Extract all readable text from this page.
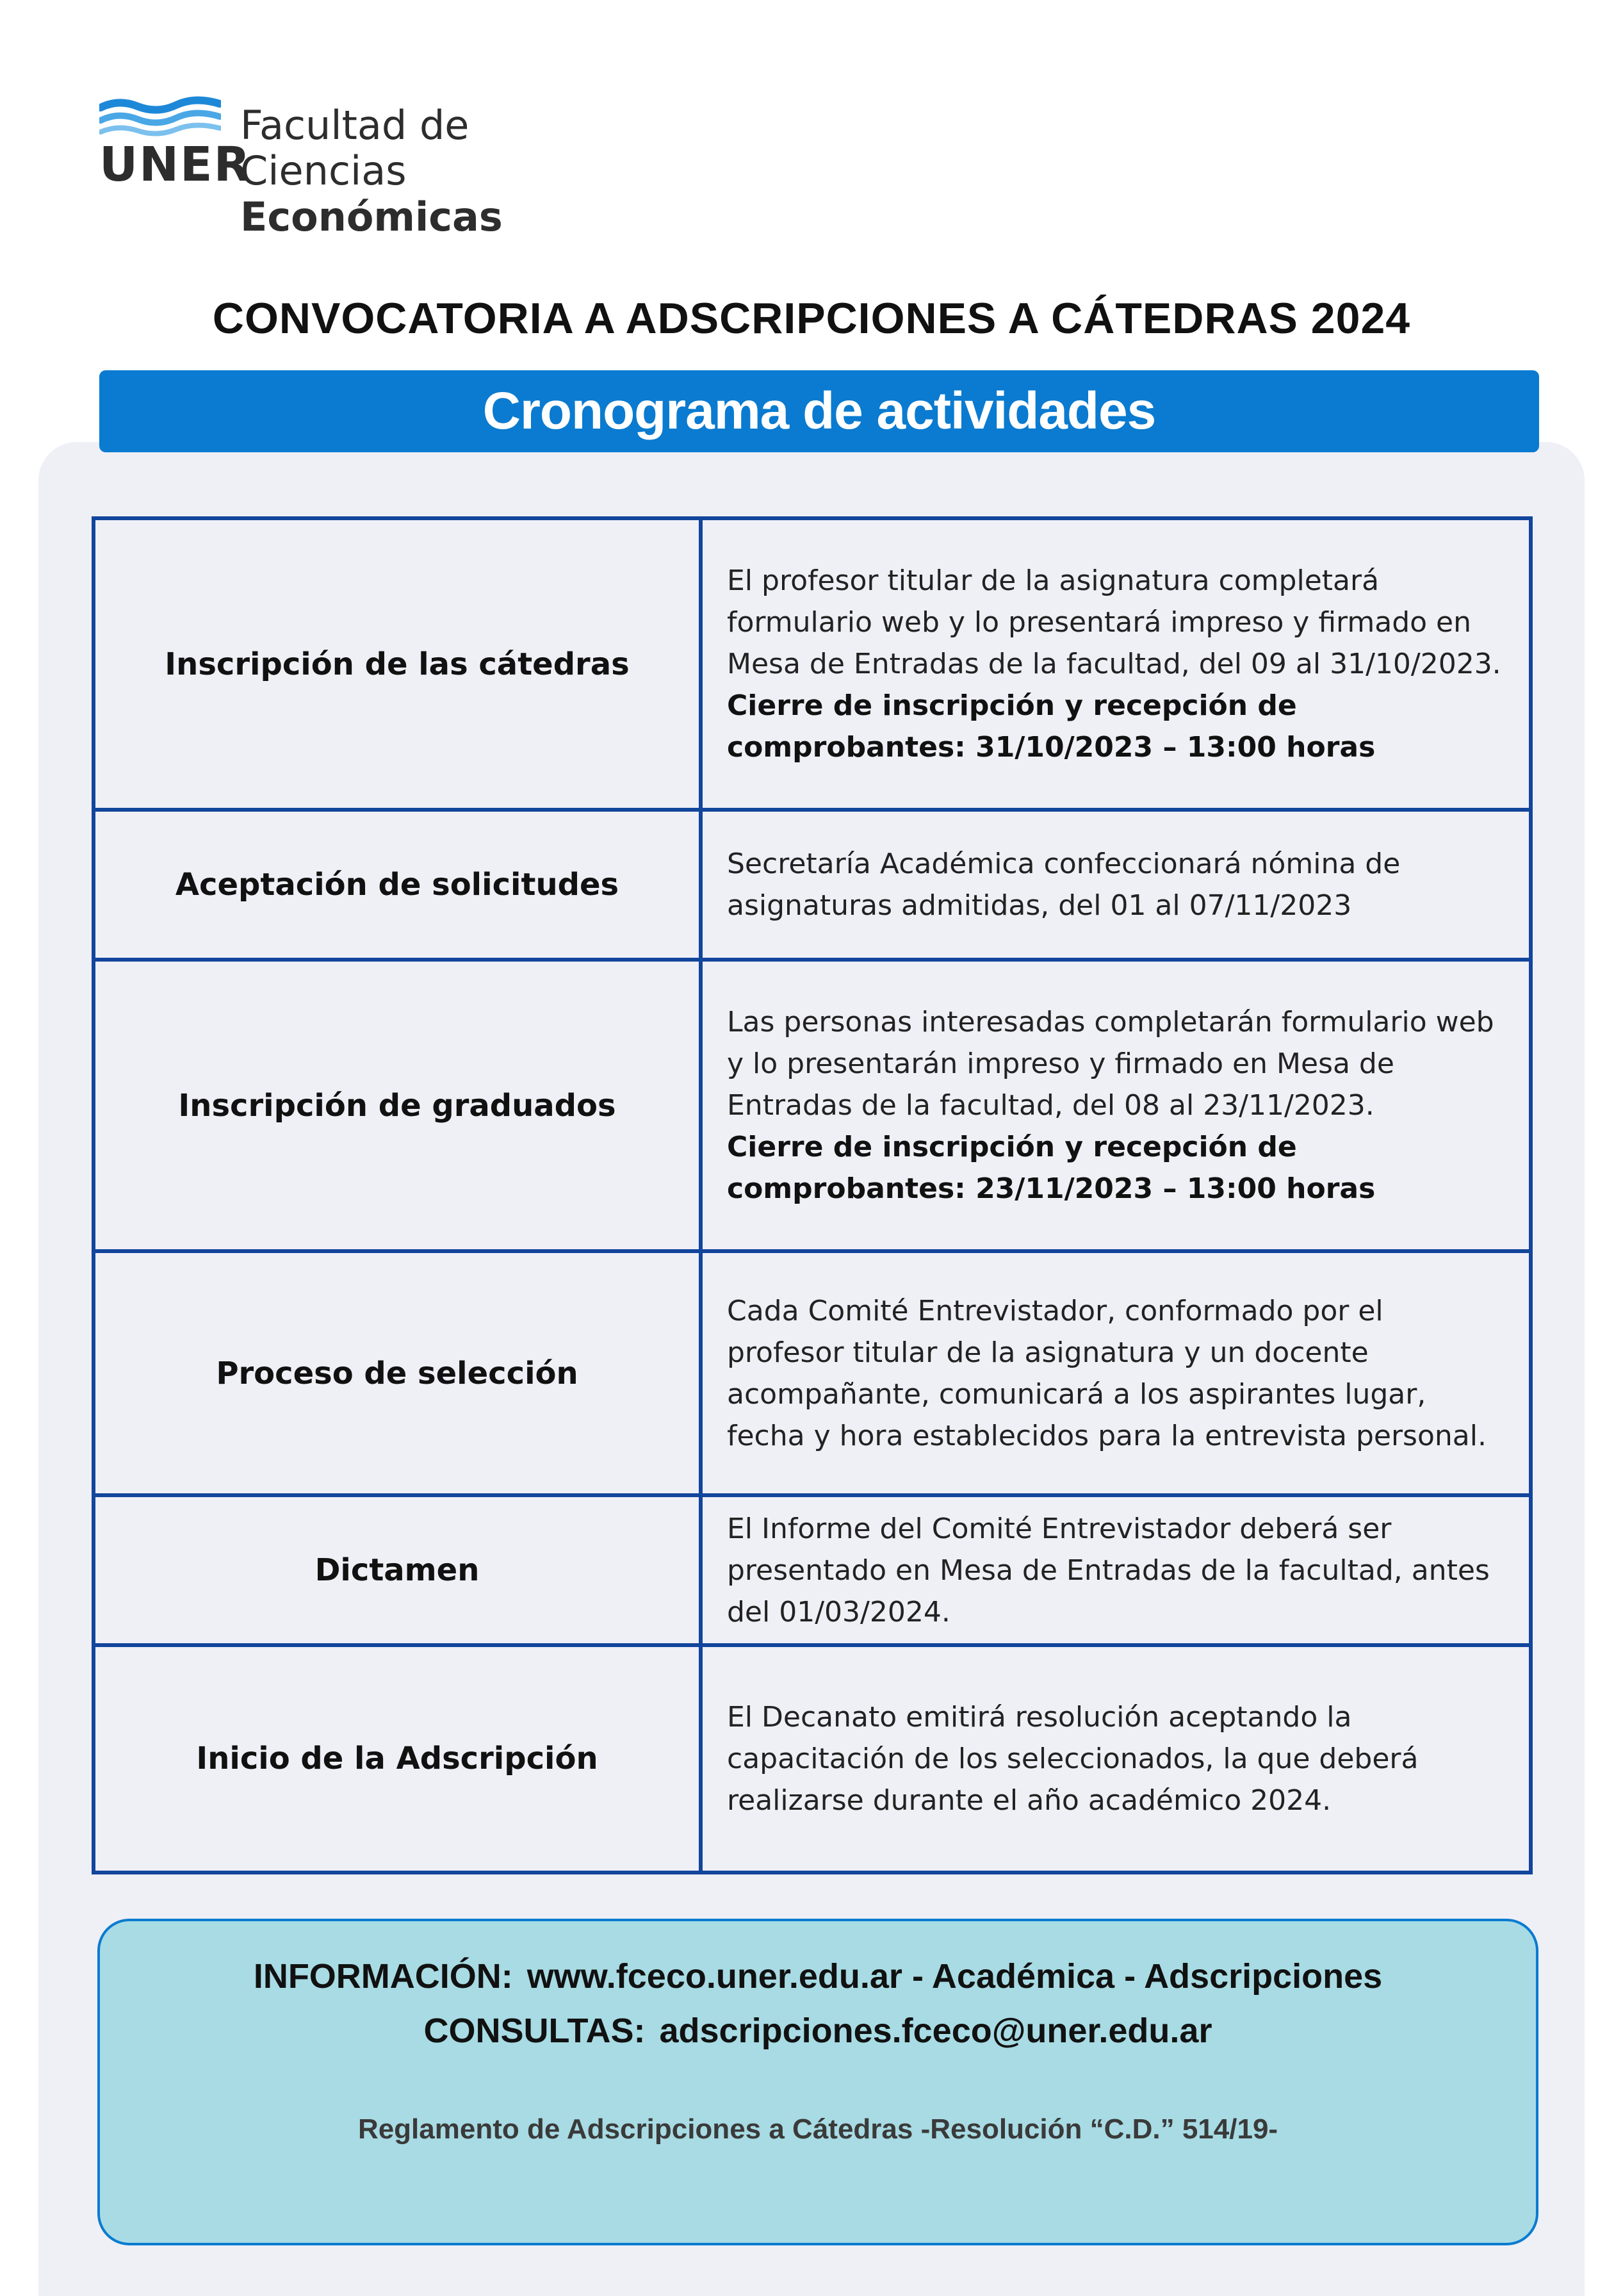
UNER
Facultad de Ciencias
Económicas
CONVOCATORIA A ADSCRIPCIONES A CÁTEDRAS 2024
Cronograma de actividades
Inscripción de las cátedras	El profesor titular de la asignatura completará formulario web y lo presentará impreso y firmado en Mesa de Entradas de la facultad, del 09 al 31/10/2023.
Cierre de inscripción y recepción de comprobantes: 31/10/2023 – 13:00 horas

Aceptación de solicitudes	Secretaría Académica confeccionará nómina de asignaturas admitidas, del 01 al 07/11/2023
Inscripción de graduados	Las personas interesadas completarán formulario web y lo presentarán impreso y firmado en Mesa de Entradas de la facultad, del 08 al 23/11/2023.
Cierre de inscripción y recepción de comprobantes: 23/11/2023 – 13:00 horas

Proceso de selección	Cada Comité Entrevistador, conformado por el profesor titular de la asignatura y un docente acompañante, comunicará a los aspirantes lugar, fecha y hora establecidos para la entrevista personal.
Dictamen	El Informe del Comité Entrevistador deberá ser presentado en Mesa de Entradas de la facultad, antes del 01/03/2024.
Inicio de la Adscripción	El Decanato emitirá resolución aceptando la capacitación de los seleccionados, la que deberá realizarse durante el año académico 2024.
INFORMACIÓN: www.fceco.uner.edu.ar - Académica - Adscripciones
CONSULTAS: adscripciones.fceco@uner.edu.ar
Reglamento de Adscripciones a Cátedras -Resolución “C.D.” 514/19-
